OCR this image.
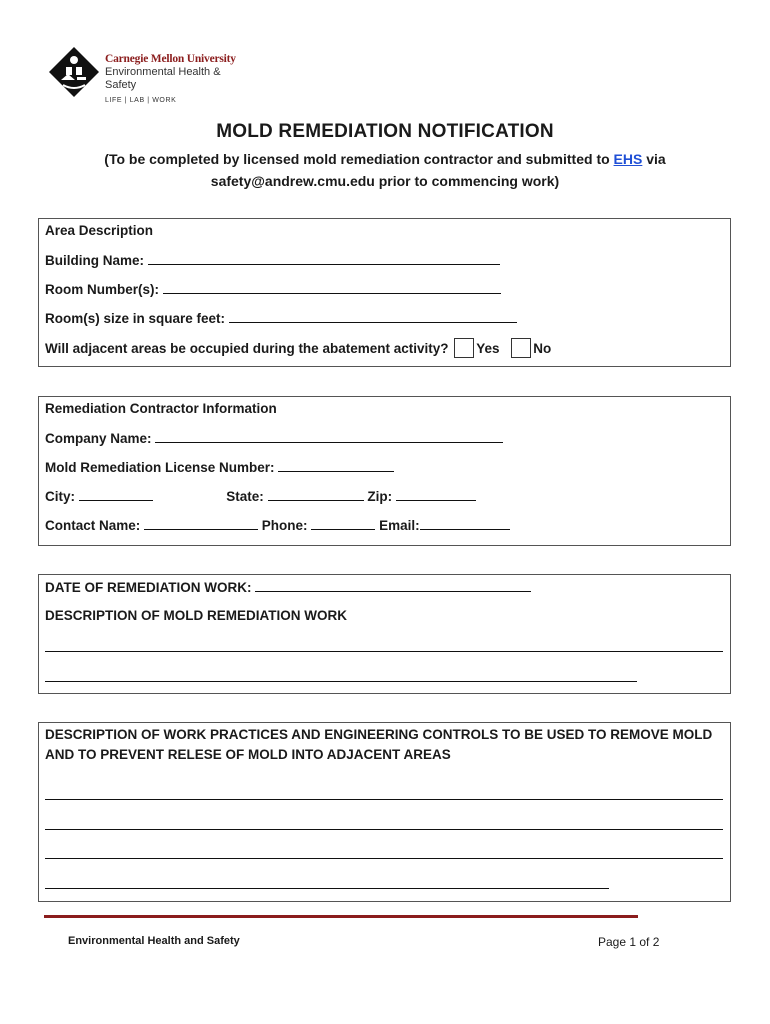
Carnegie Mellon University
Environmental Health & Safety
LIFE | LAB | WORK
MOLD REMEDIATION NOTIFICATION
(To be completed by licensed mold remediation contractor and submitted to EHS via
safety@andrew.cmu.edu prior to commencing work)
Area Description
Building Name:
Room Number(s):
Room(s) size in square feet:
Will adjacent areas be occupied during the abatement activity? Yes	No
Remediation Contractor Information
Company Name:
Mold Remediation License Number:
City:	State:	Zip:
Contact Name:	Phone:	Email:
DATE OF REMEDIATION WORK:
DESCRIPTION OF MOLD REMEDIATION WORK
DESCRIPTION OF WORK PRACTICES AND ENGINEERING CONTROLS TO BE USED TO REMOVE MOLD
AND TO PREVENT RELESE OF MOLD INTO ADJACENT AREAS
Environmental Health and Safety	Page 1 of 2
